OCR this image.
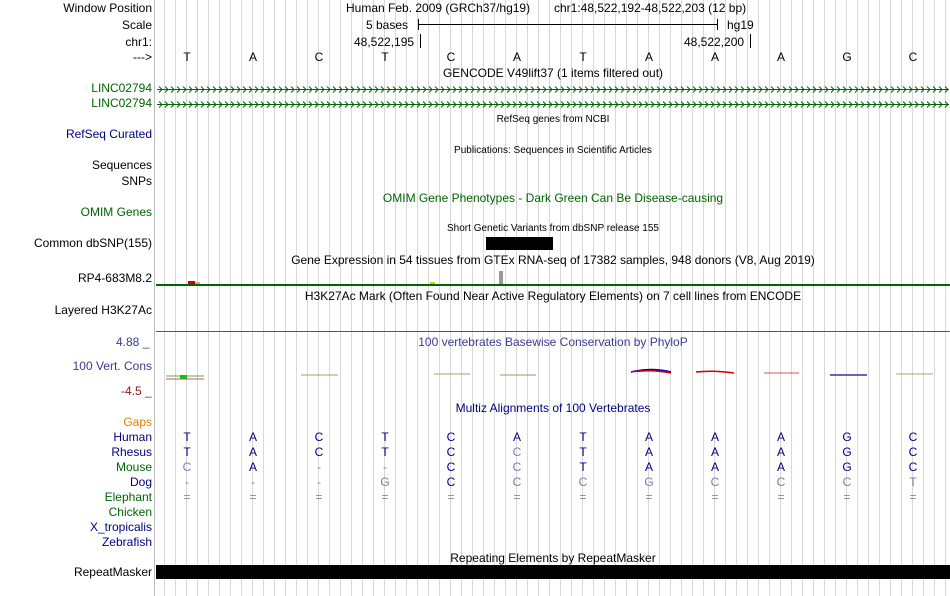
Window Position
Scale
chr1:
--->
Human Feb. 2009 (GRCh37/hg19) chr1:48,522,192-48,522,203 (12 bp)
5 bases	hg19
48,522,195	48,522,200
T	A	C	T	C	A	T	A	A	A	G	C
GENCODE V49lift37 (1 items filtered out)
LINC02794
LINC02794
RefSeq genes from NCBI
RefSeq Curated
Publications: Sequences in Scientific Articles
Sequences
SNPs
OMIM Gene Phenotypes - Dark Green Can Be Disease-causing
OMIM Genes
Short Genetic Variants from dbSNP release 155
Common dbSNP(155)
Gene Expression in 54 tissues from GTEx RNA-seq of 17382 samples, 948 donors (V8, Aug 2019)
RP4-683M8.2
H3K27Ac Mark (Often Found Near Active Regulatory Elements) on 7 cell lines from ENCODE
Layered H3K27Ac
4.88 _	100 vertebrates Basewise Conservation by PhyloP
100 Vert. Cons
-4.5 _
Gaps
Multiz Alignments of 100 Vertebrates
Human	T	A	C	T	C	A	T	A	A	A	G	C
Rhesus	T	A	C	T	C	C	T	A	A	A	G	C
Mouse	C	A	-	-	C	C	T	A	A	A	G	C
Dog	-	-	-	G	C	C	C	G	C	C	C	T
Elephant	=	=	=	=	=	=	=	=	=	=	=	=
Chicken
X_tropicalis
Zebrafish
Repeating Elements by RepeatMasker
RepeatMasker
